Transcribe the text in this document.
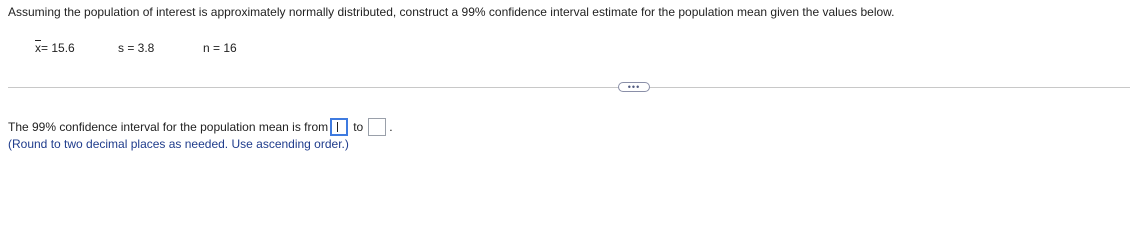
Assuming the population of interest is approximately normally distributed, construct a 99% confidence interval estimate for the population mean given the values below.
$\overline{x}= 15.6$	s = 3.8	n = 16
•••
The 99% confidence interval for the population mean is from to .
(Round to two decimal places as needed. Use ascending order.)
